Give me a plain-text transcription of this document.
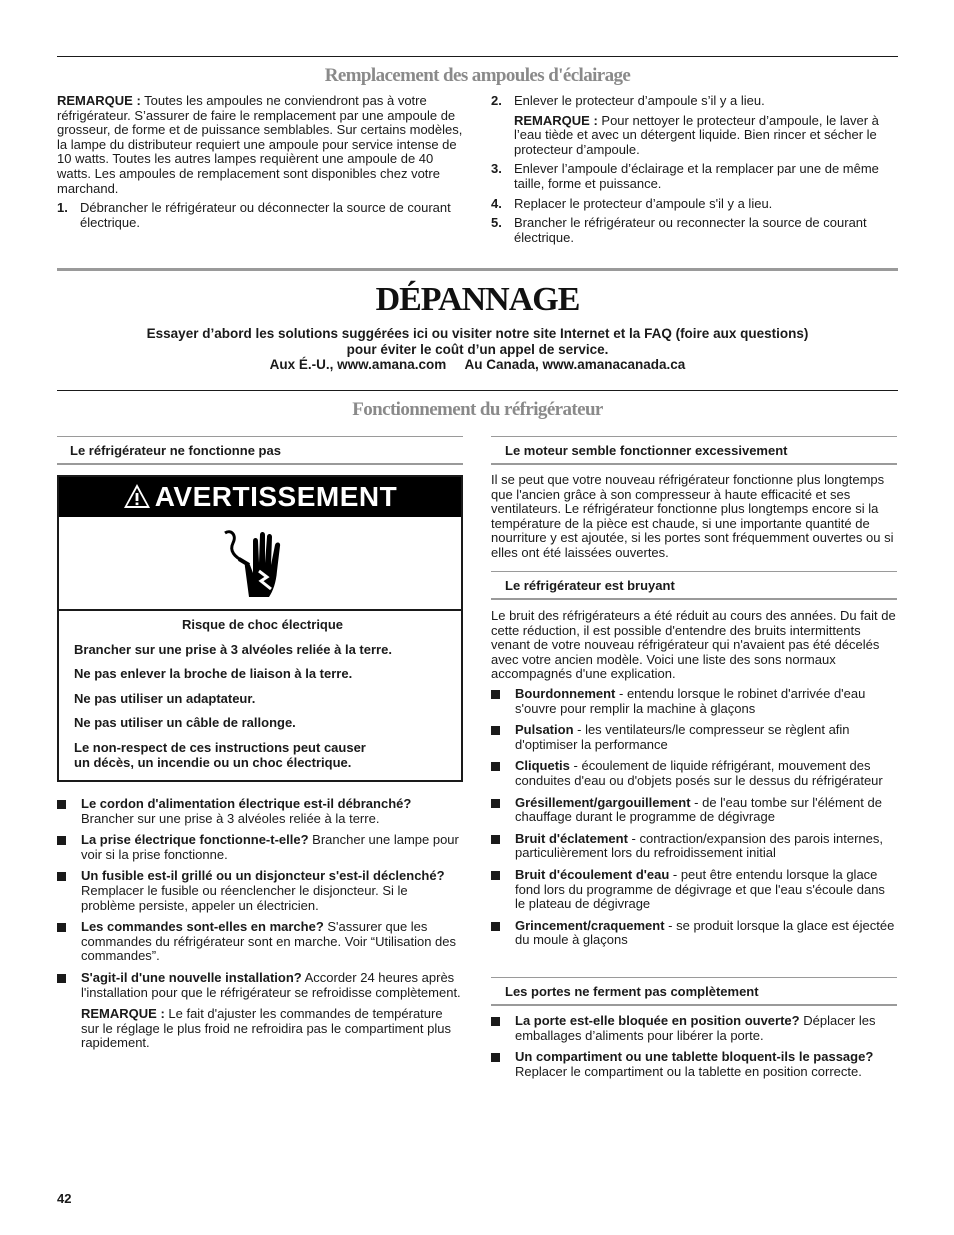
Remplacement des ampoules d'éclairage

REMARQUE : Toutes les ampoules ne conviendront pas à votre réfrigérateur. S’assurer de faire le remplacement par une ampoule de grosseur, de forme et de puissance semblables. Sur certains modèles, la lampe du distributeur requiert une ampoule pour service intense de 10 watts. Toutes les autres lampes requièrent une ampoule de 40 watts. Les ampoules de remplacement sont disponibles chez votre marchand.

1. Débrancher le réfrigérateur ou déconnecter la source de courant électrique.
2. Enlever le protecteur d’ampoule s’il y a lieu.

REMARQUE : Pour nettoyer le protecteur d’ampoule, le laver à l’eau tiède et avec un détergent liquide. Bien rincer et sécher le protecteur d’ampoule.

3. Enlever l’ampoule d’éclairage et la remplacer par une de même taille, forme et puissance.
4. Replacer le protecteur d’ampoule s'il y a lieu.
5. Brancher le réfrigérateur ou reconnecter la source de courant électrique.
DÉPANNAGE
Essayer d’abord les solutions suggérées ici ou visiter notre site Internet et la FAQ (foire aux questions)
pour éviter le coût d’un appel de service.
Aux É.-U., www.amana.com     Au Canada, www.amanacanada.ca
Fonctionnement du réfrigérateur
Le réfrigérateur ne fonctionne pas
AVERTISSEMENT

Risque de choc électrique

Brancher sur une prise à 3 alvéoles reliée à la terre.

Ne pas enlever la broche de liaison à la terre.

Ne pas utiliser un adaptateur.

Ne pas utiliser un câble de rallonge.

Le non-respect de ces instructions peut causer
un décès, un incendie ou un choc électrique.

Le cordon d'alimentation électrique est-il débranché? Brancher sur une prise à 3 alvéoles reliée à la terre.
La prise électrique fonctionne-t-elle? Brancher une lampe pour voir si la prise fonctionne.
Un fusible est-il grillé ou un disjoncteur s'est-il déclenché? Remplacer le fusible ou réenclencher le disjoncteur. Si le problème persiste, appeler un électricien.
Les commandes sont-elles en marche? S'assurer que les commandes du réfrigérateur sont en marche. Voir “Utilisation des commandes”.
S'agit-il d'une nouvelle installation? Accorder 24 heures après l'installation pour que le réfrigérateur se refroidisse complètement.

REMARQUE : Le fait d'ajuster les commandes de température sur le réglage le plus froid ne refroidira pas le compartiment plus rapidement.

Le moteur semble fonctionner excessivement

Il se peut que votre nouveau réfrigérateur fonctionne plus longtemps que l'ancien grâce à son compresseur à haute efficacité et ses ventilateurs. Le réfrigérateur fonctionne plus longtemps encore si la température de la pièce est chaude, si une importante quantité de nourriture y est ajoutée, si les portes sont fréquemment ouvertes ou si elles ont été laissées ouvertes.

Le réfrigérateur est bruyant

Le bruit des réfrigérateurs a été réduit au cours des années. Du fait de cette réduction, il est possible d'entendre des bruits intermittents venant de votre nouveau réfrigérateur qui n'avaient pas été décelés avec votre ancien modèle. Voici une liste des sons normaux accompagnés d'une explication.

Bourdonnement - entendu lorsque le robinet d'arrivée d'eau s'ouvre pour remplir la machine à glaçons
Pulsation - les ventilateurs/le compresseur se règlent afin d'optimiser la performance
Cliquetis - écoulement de liquide réfrigérant, mouvement des conduites d'eau ou d'objets posés sur le dessus du réfrigérateur
Grésillement/gargouillement - de l'eau tombe sur l'élément de chauffage durant le programme de dégivrage
Bruit d'éclatement - contraction/expansion des parois internes, particulièrement lors du refroidissement initial
Bruit d'écoulement d'eau - peut être entendu lorsque la glace fond lors du programme de dégivrage et que l'eau s'écoule dans le plateau de dégivrage
Grincement/craquement - se produit lorsque la glace est éjectée du moule à glaçons
Les portes ne ferment pas complètement
La porte est-elle bloquée en position ouverte? Déplacer les emballages d’aliments pour libérer la porte.
Un compartiment ou une tablette bloquent-ils le passage? Replacer le compartiment ou la tablette en position correcte.
42
